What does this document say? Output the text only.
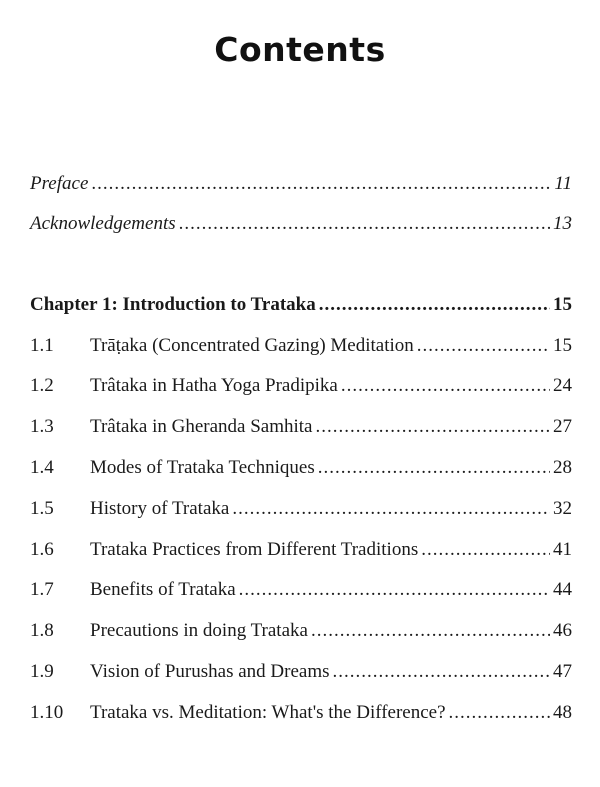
Contents
Preface .....	11
Acknowledgements .....	13
Chapter 1: Introduction to Trataka .....	15
1.1	Trāṭaka (Concentrated Gazing) Meditation .....	15
1.2	Trâtaka in Hatha Yoga Pradipika .....	24
1.3	Trâtaka in Gheranda Samhita .....	27
1.4	Modes of Trataka Techniques .....	28
1.5	History of Trataka .....	32
1.6	Trataka Practices from Different Traditions .....	41
1.7	Benefits of Trataka .....	44
1.8	Precautions in doing Trataka .....	46
1.9	Vision of Purushas and Dreams .....	47
1.10	Trataka vs. Meditation: What's the Difference? .....	48
